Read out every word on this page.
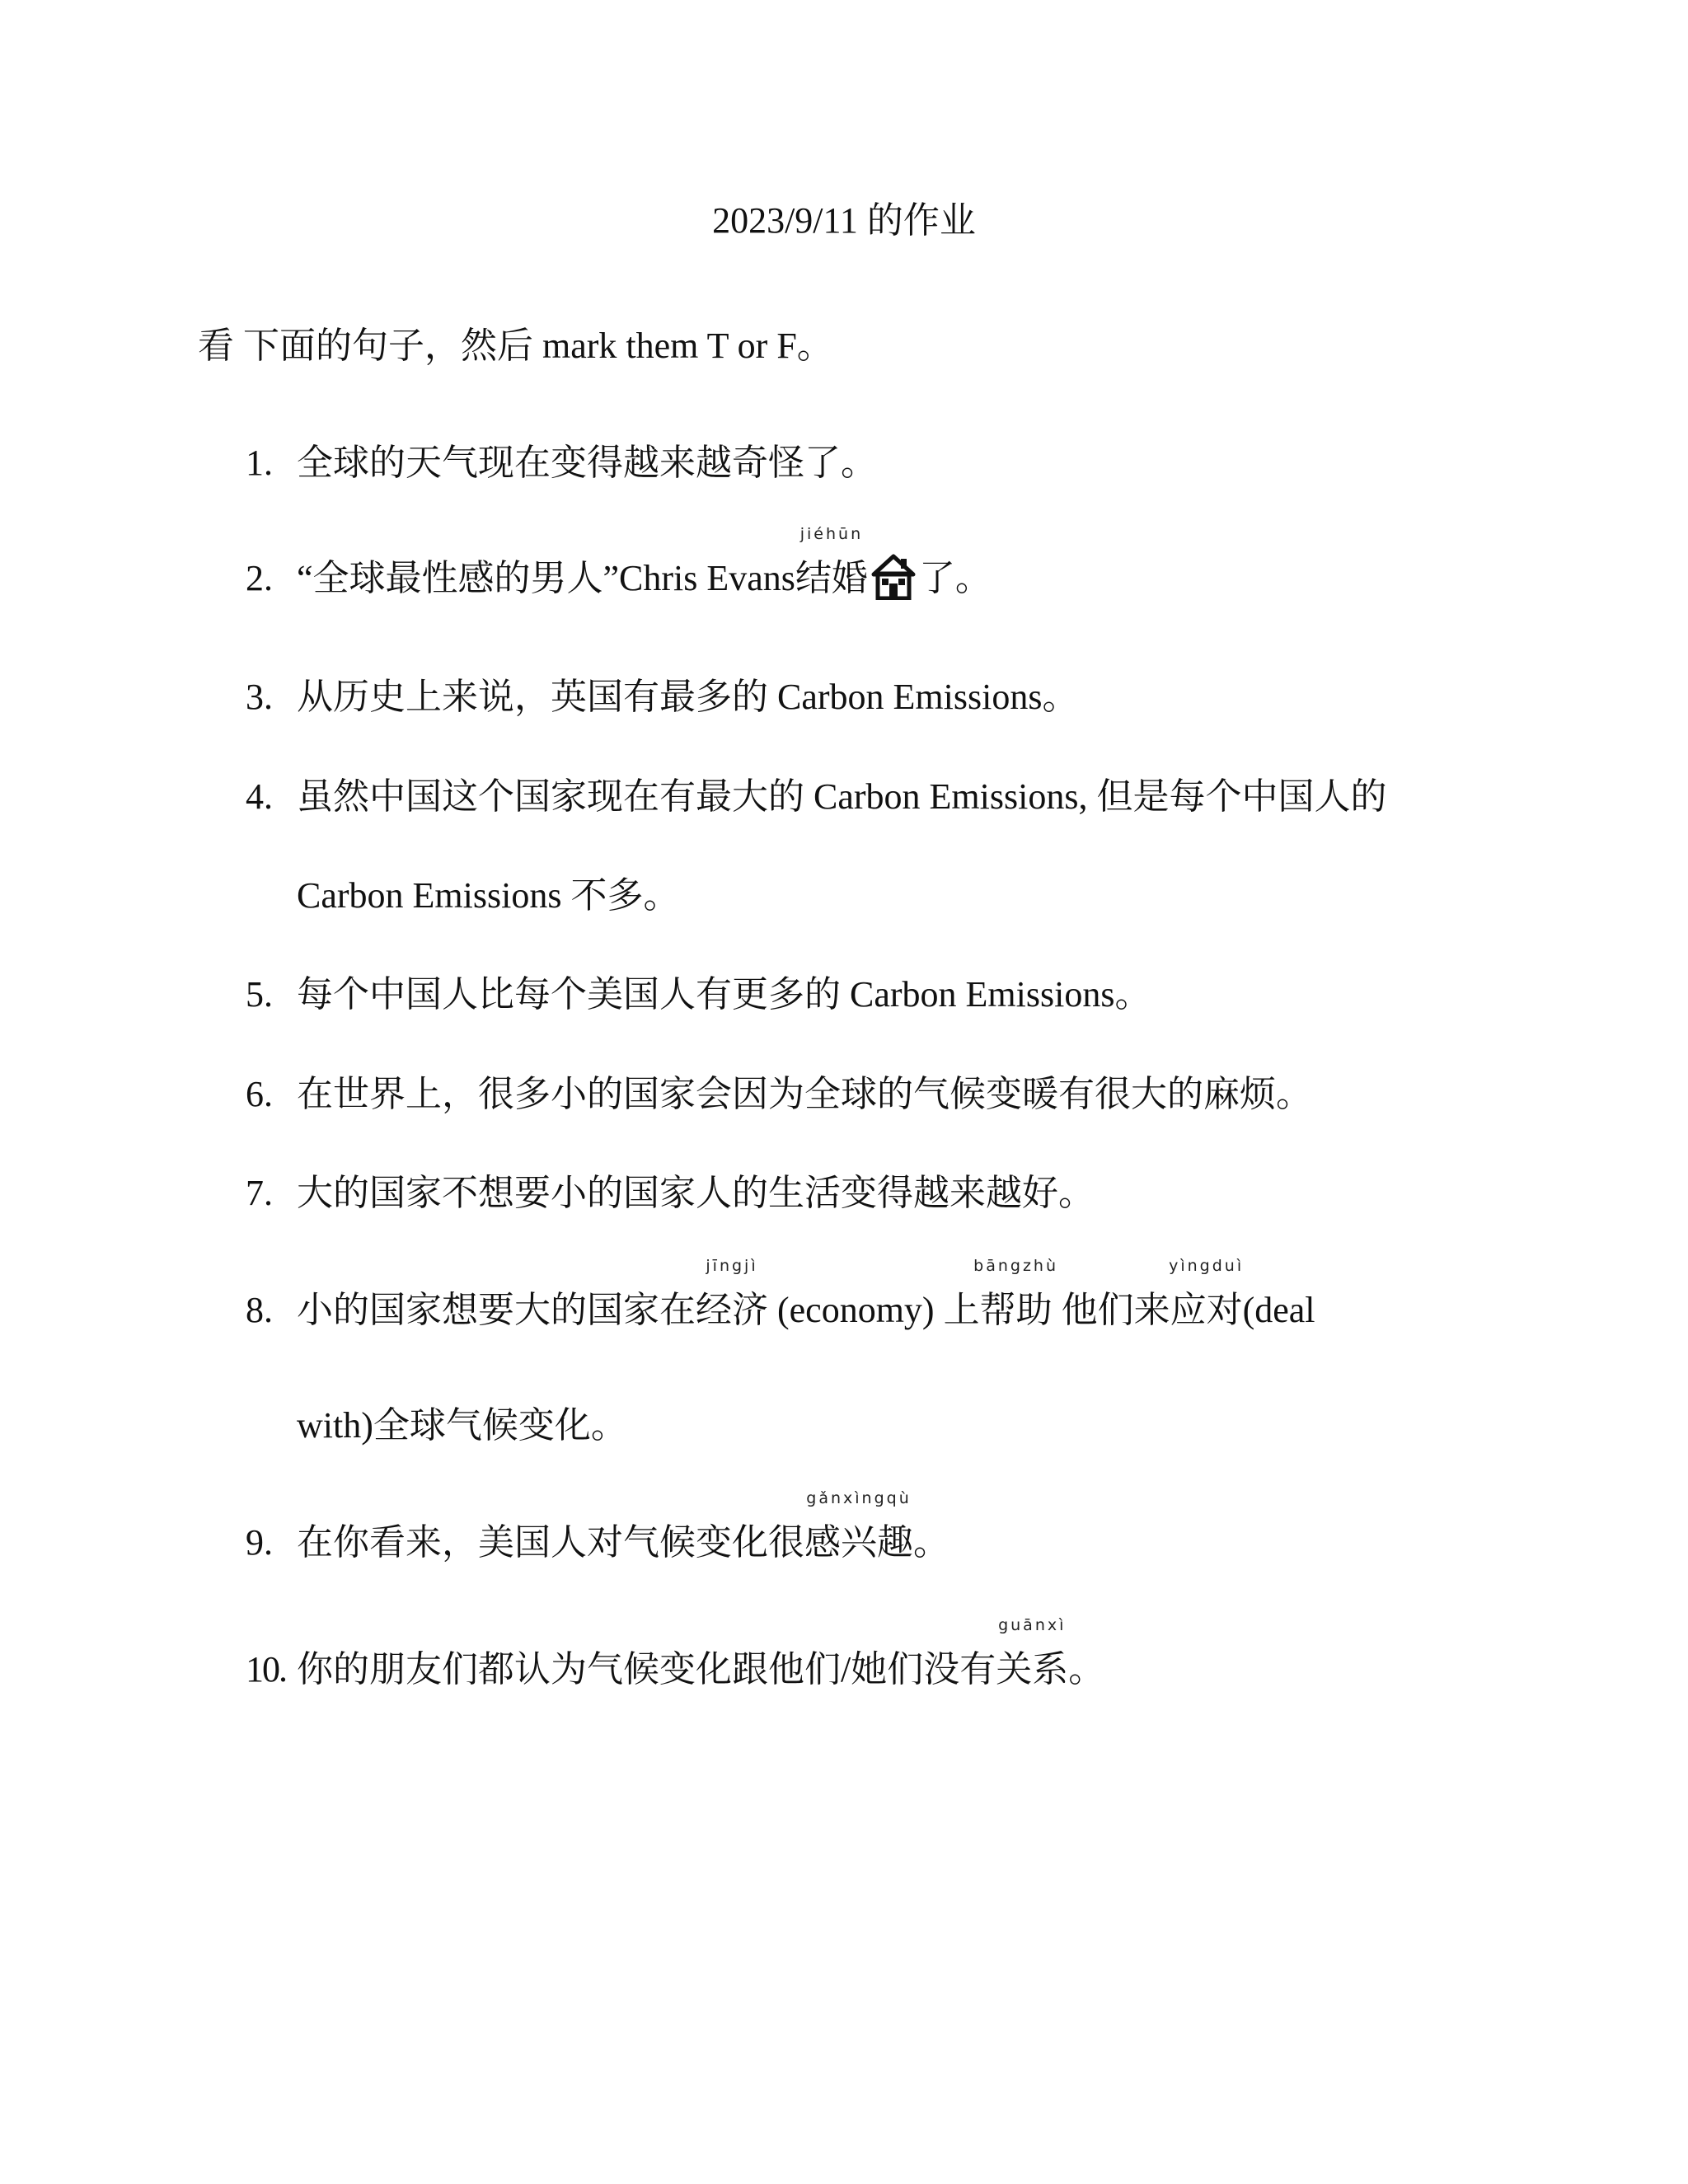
2023/9/11 的作业
看 下面的句子，然后 mark them T or F。
1. 全球的天气现在变得越来越奇怪了。
2. “全球最性感的男人”Chris Evans
jiéhūn
结婚 了。
3. 从历史上来说，英国有最多的 Carbon Emissions。
4. 虽然中国这个国家现在有最大的 Carbon Emissions, 但是每个中国人的
Carbon Emissions 不多。
5. 每个中国人比每个美国人有更多的 Carbon Emissions。
6. 在世界上，很多小的国家会因为全球的气候变暖有很大的麻烦。
7. 大的国家不想要小的国家人的生活变得越来越好。
8. 小的国家想要大的国家在
jīngjì
经济 (economy) 上
bāngzhù
帮助 他们来
yìngduì
应对(deal
with)全球气候变化。
9. 在你看来，美国人对气候变化很
gǎnxìngqù
感兴趣。
10. 你的朋友们都认为气候变化跟他们/她们没有
guānxì
关系。
